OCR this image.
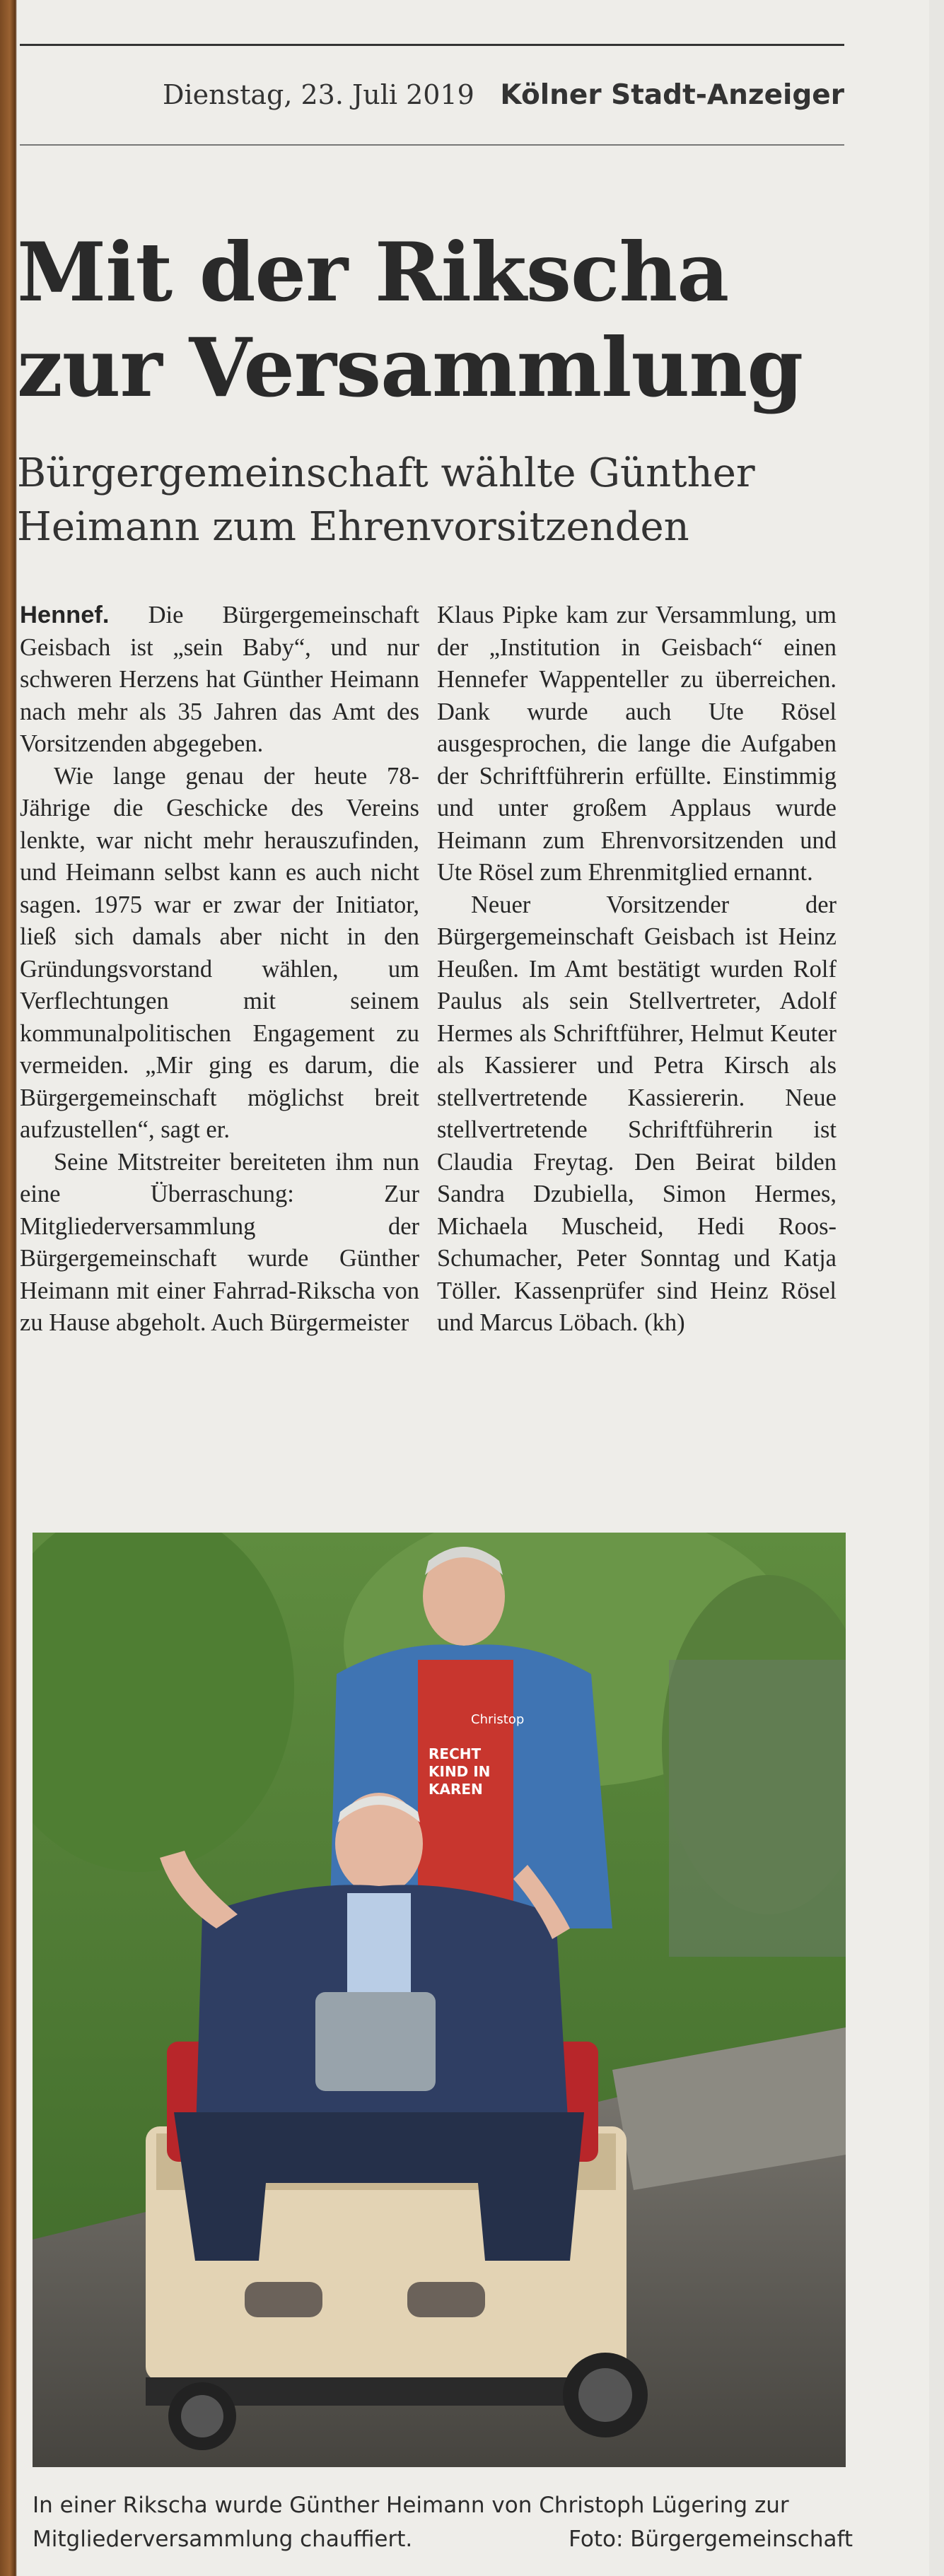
Dienstag, 23. Juli 2019 Kölner Stadt-Anzeiger
Mit der Rikscha
zur Versammlung
Bürgergemeinschaft wählte Günther
Heimann zum Ehrenvorsitzenden

Hennef. Die Bürgergemeinschaft Geisbach ist „sein Baby“, und nur schweren Herzens hat Günther Heimann nach mehr als 35 Jahren das Amt des Vorsitzenden abgegeben.

Wie lange genau der heute 78-Jährige die Geschicke des Vereins lenkte, war nicht mehr herauszufinden, und Heimann selbst kann es auch nicht sagen. 1975 war er zwar der Initiator, ließ sich damals aber nicht in den Gründungsvorstand wählen, um Verflechtungen mit seinem kommunalpolitischen Engagement zu vermeiden. „Mir ging es darum, die Bürgergemeinschaft möglichst breit aufzustellen“, sagt er.

Seine Mitstreiter bereiteten ihm nun eine Überraschung: Zur Mitgliederversammlung der Bürgergemeinschaft wurde Günther Heimann mit einer Fahrrad-Rikscha von zu Hause abgeholt. Auch Bürgermeister

Klaus Pipke kam zur Versammlung, um der „Institution in Geisbach“ einen Hennefer Wappenteller zu überreichen. Dank wurde auch Ute Rösel ausgesprochen, die lange die Aufgaben der Schriftführerin erfüllte. Einstimmig und unter großem Applaus wurde Heimann zum Ehrenvorsitzenden und Ute Rösel zum Ehrenmitglied ernannt.

Neuer Vorsitzender der Bürgergemeinschaft Geisbach ist Heinz Heußen. Im Amt bestätigt wurden Rolf Paulus als sein Stellvertreter, Adolf Hermes als Schriftführer, Helmut Keuter als Kassierer und Petra Kirsch als stellvertretende Kassiererin. Neue stellvertretende Schriftführerin ist Claudia Freytag. Den Beirat bilden Sandra Dzubiella, Simon Hermes, Michaela Muscheid, Hedi Roos-Schumacher, Peter Sonntag und Katja Töller. Kassenprüfer sind Heinz Rösel und Marcus Löbach. (kh)

Christop
RECHT
KIND IN
KAREN
In einer Rikscha wurde Günther Heimann von Christoph Lügering zur
Mitgliederversammlung chauffiert.	Foto: Bürgergemeinschaft
